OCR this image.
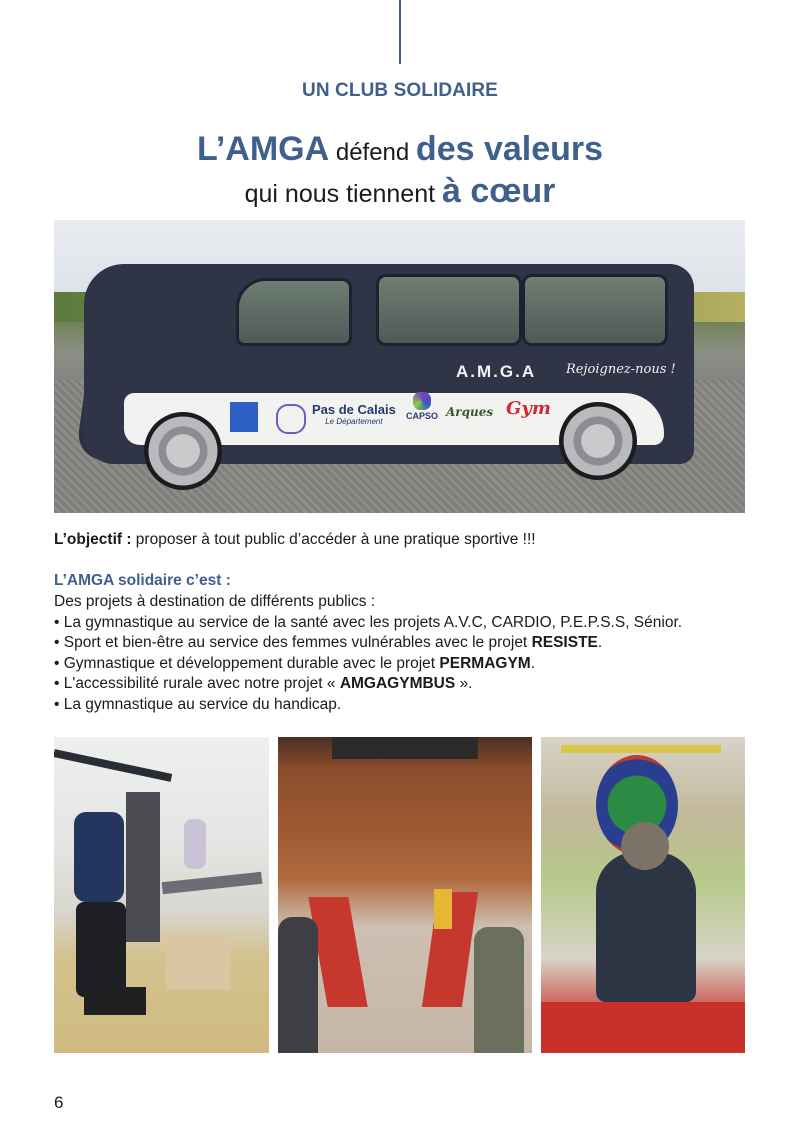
UN CLUB SOLIDAIRE
L’AMGA défend des valeurs
qui nous tiennent à cœur
A.M.G.A Rejoignez-nous !
Pas de Calais
Le Département
CAPSO Arques Gym
L’objectif : proposer à tout public d’accéder à une pratique sportive !!!
L’AMGA solidaire c’est :
Des projets à destination de différents publics :
• La gymnastique au service de la santé avec les projets A.V.C, CARDIO, P.E.P.S.S, Sénior.
• Sport et bien-être au service des femmes vulnérables avec le projet RESISTE.
• Gymnastique et développement durable avec le projet PERMAGYM.
• L'accessibilité rurale avec notre projet « AMGAGYMBUS ».
• La gymnastique au service du handicap.
6
